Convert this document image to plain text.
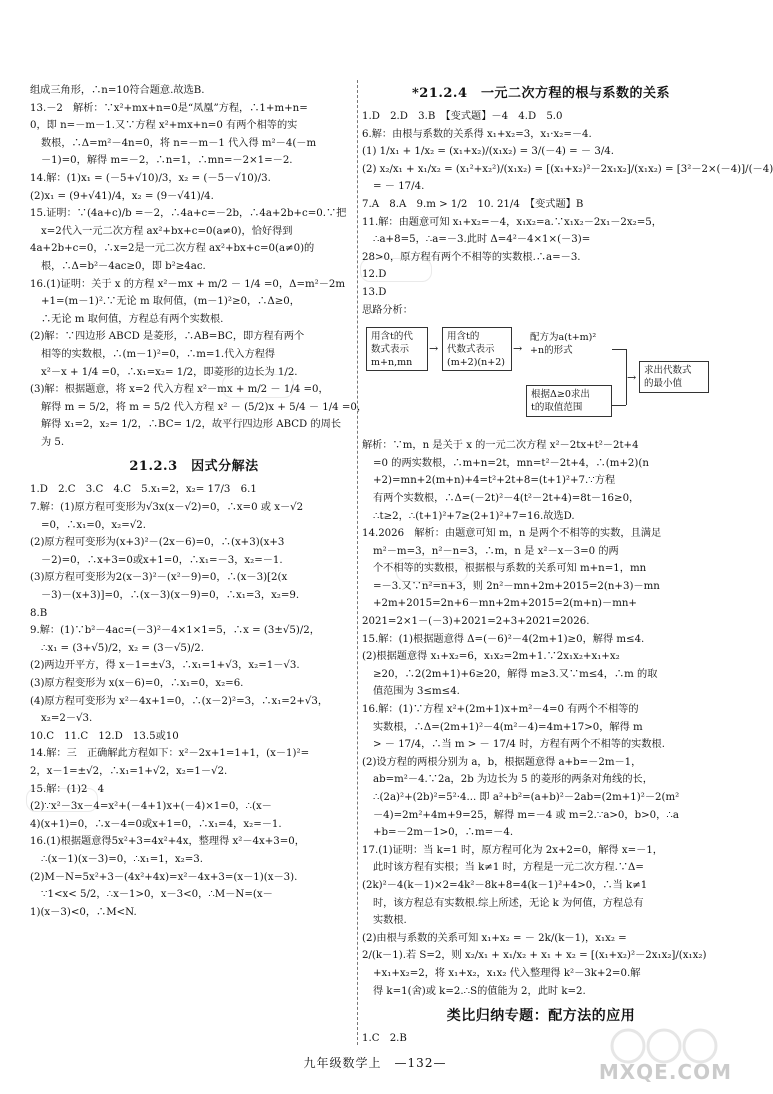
组成三角形，∴n=10符合题意.故选B.
13.－2　解析：∵x²+mx+n=0是“凤凰”方程，∴1+m+n=
0，即 n=－m－1.又∵方程 x²+mx+n=0 有两个相等的实
数根，∴Δ=m²－4n=0，将 n=－m－1 代入得 m²－4(－m
－1)=0，解得 m=－2，∴n=1，∴mn=－2×1=－2.
14.解：(1)x₁ = (－5+√10)/3，x₂ = (－5－√10)/3.
(2)x₁ = (9+√41)/4，x₂ = (9－√41)/4.
15.证明：∵(4a+c)/b =－2，∴4a+c=－2b，∴4a+2b+c=0.∵把
x=2代入一元二次方程 ax²+bx+c=0(a≠0)，恰好得到
4a+2b+c=0，∴x=2是一元二次方程 ax²+bx+c=0(a≠0)的
根，∴Δ=b²－4ac≥0，即 b²≥4ac.
16.(1)证明：关于 x 的方程 x²－mx + m/2 － 1/4 =0，Δ=m²－2m
+1=(m－1)².∵无论 m 取何值，(m－1)²≥0，∴Δ≥0，
∴无论 m 取何值，方程总有两个实数根.
(2)解：∵四边形 ABCD 是菱形，∴AB=BC，即方程有两个
相等的实数根，∴(m－1)²=0，∴m=1.代入方程得
x²－x + 1/4 =0，∴x₁=x₂= 1/2，即菱形的边长为 1/2.
(3)解：根据题意，将 x=2 代入方程 x²－mx + m/2 － 1/4 =0，
解得 m = 5/2，将 m = 5/2 代入方程 x² － (5/2)x + 5/4 － 1/4 =0，
解得 x₁=2，x₂= 1/2，∴BC= 1/2，故平行四边形 ABCD 的周长
为 5.
21.2.3　因式分解法
1.D　2.C　3.C　4.C　5.x₁=2，x₂= 17/3　6.1
7.解：(1)原方程可变形为√3x(x－√2)=0，∴x=0 或 x－√2
=0，∴x₁=0，x₂=√2.
(2)原方程可变形为(x+3)²－(2x－6)=0，∴(x+3)(x+3
－2)=0，∴x+3=0或x+1=0，∴x₁=－3，x₂=－1.
(3)原方程可变形为2(x－3)²－(x²－9)=0，∴(x－3)[2(x
－3)－(x+3)]=0，∴(x－3)(x－9)=0，∴x₁=3，x₂=9.
8.B
9.解：(1)∵b²－4ac=(－3)²－4×1×1=5，∴x = (3±√5)/2，
∴x₁ = (3+√5)/2，x₂ = (3－√5)/2.
(2)两边开平方，得 x－1=±√3，∴x₁=1+√3，x₂=1－√3.
(3)原方程变形为 x(x－6)=0，∴x₁=0，x₂=6.
(4)原方程可变形为 x²－4x+1=0，∴(x－2)²=3，∴x₁=2+√3，
x₂=2－√3.
10.C　11.C　12.D　13.5或10
14.解：三　正确解此方程如下：x²－2x+1=1+1，(x－1)²=
2，x－1=±√2，∴x₁=1+√2，x₂=1－√2.
15.解：(1)2　4
(2)∵x²－3x－4=x²+(－4+1)x+(－4)×1=0，∴(x－
4)(x+1)=0，∴x－4=0或x+1=0，∴x₁=4，x₂=－1.
16.(1)根据题意得5x²+3=4x²+4x，整理得 x²－4x+3=0，
∴(x－1)(x－3)=0，∴x₁=1，x₂=3.
(2)M－N=5x²+3－(4x²+4x)=x²－4x+3=(x－1)(x－3).
∵1<x< 5/2，∴x－1>0，x－3<0，∴M－N=(x－
1)(x－3)<0，∴M<N.
*21.2.4　一元二次方程的根与系数的关系
1.D　2.D　3.B　【变式题】－4　4.D　5.0
6.解：由根与系数的关系得 x₁+x₂=3，x₁·x₂=－4.
(1) 1/x₁ + 1/x₂ = (x₁+x₂)/(x₁x₂) = 3/(－4) = － 3/4.
(2) x₂/x₁ + x₁/x₂ = (x₁²+x₂²)/(x₁x₂) = [(x₁+x₂)²－2x₁x₂]/(x₁x₂) = [3²－2×(－4)]/(－4)
= － 17/4.
7.A　8.A　9.m > 1/2　10. 21/4　【变式题】B
11.解：由题意可知 x₁+x₂=－4，x₁x₂=a.∵x₁x₂－2x₁－2x₂=5，
∴a+8=5，∴a=－3.此时 Δ=4²－4×1×(－3)=
28>0，原方程有两个不相等的实数根.∴a=－3.
12.D
13.D
思路分析：
用含t的代
数式表示
m+n,mn
→
用含t的
代数式表示
(m+2)(n+2)
→
配方为a(t+m)²
+n的形式
→
求出代数式
的最小值
根据Δ≥0求出
t的取值范围
解析：∵m，n 是关于 x 的一元二次方程 x²－2tx+t²－2t+4
=0 的两实数根，∴m+n=2t，mn=t²－2t+4，∴(m+2)(n
+2)=mn+2(m+n)+4=t²+2t+8=(t+1)²+7.∵方程
有两个实数根，∴Δ=(－2t)²－4(t²－2t+4)=8t－16≥0，
∴t≥2，∴(t+1)²+7≥(2+1)²+7=16.故选D.
14.2026　解析：由题意可知 m，n 是两个不相等的实数，且满足
m²－m=3，n²－n=3，∴m，n 是 x²－x－3=0 的两
个不相等的实数根，根据根与系数的关系可知 m+n=1，mn
=－3.又∵n²=n+3，则 2n²－mn+2m+2015=2(n+3)－mn
+2m+2015=2n+6－mn+2m+2015=2(m+n)－mn+
2021=2×1－(－3)+2021=2+3+2021=2026.
15.解：(1)根据题意得 Δ=(－6)²－4(2m+1)≥0，解得 m≤4.
(2)根据题意得 x₁+x₂=6，x₁x₂=2m+1.∵2x₁x₂+x₁+x₂
≥20，∴2(2m+1)+6≥20，解得 m≥3.又∵m≤4，∴m 的取
值范围为 3≤m≤4.
16.解：(1)∵方程 x²+(2m+1)x+m²－4=0 有两个不相等的
实数根，∴Δ=(2m+1)²－4(m²－4)=4m+17>0，解得 m
> － 17/4，∴当 m > － 17/4 时，方程有两个不相等的实数根.
(2)设方程的两根分别为 a，b，根据题意得 a+b=－2m－1，
ab=m²－4.∵2a，2b 为边长为 5 的菱形的两条对角线的长，
∴(2a)²+(2b)²=5²·4... 即 a²+b²=(a+b)²－2ab=(2m+1)²－2(m²
－4)=2m²+4m+9=25，解得 m=－4 或 m=2.∵a>0，b>0，∴a
+b=－2m－1>0，∴m=－4.
17.(1)证明：当 k=1 时，原方程可化为 2x+2=0，解得 x=－1，
此时该方程有实根；当 k≠1 时，方程是一元二次方程.∵Δ=
(2k)²－4(k－1)×2=4k²－8k+8=4(k－1)²+4>0，∴当 k≠1
时，该方程总有实数根.综上所述，无论 k 为何值，方程总有
实数根.
(2)由根与系数的关系可知 x₁+x₂ = － 2k/(k－1)，x₁x₂ =
2/(k－1).若 S=2，则 x₂/x₁ + x₁/x₂ + x₁ + x₂ = [(x₁+x₂)²－2x₁x₂]/(x₁x₂)
+x₁+x₂=2，将 x₁+x₂，x₁x₂ 代入整理得 k²－3k+2=0.解
得 k=1(舍)或 k=2.∴S的值能为 2，此时 k=2.
类比归纳专题：配方法的应用
1.C　2.B
九年级数学上　—132—	MXQE.COM
